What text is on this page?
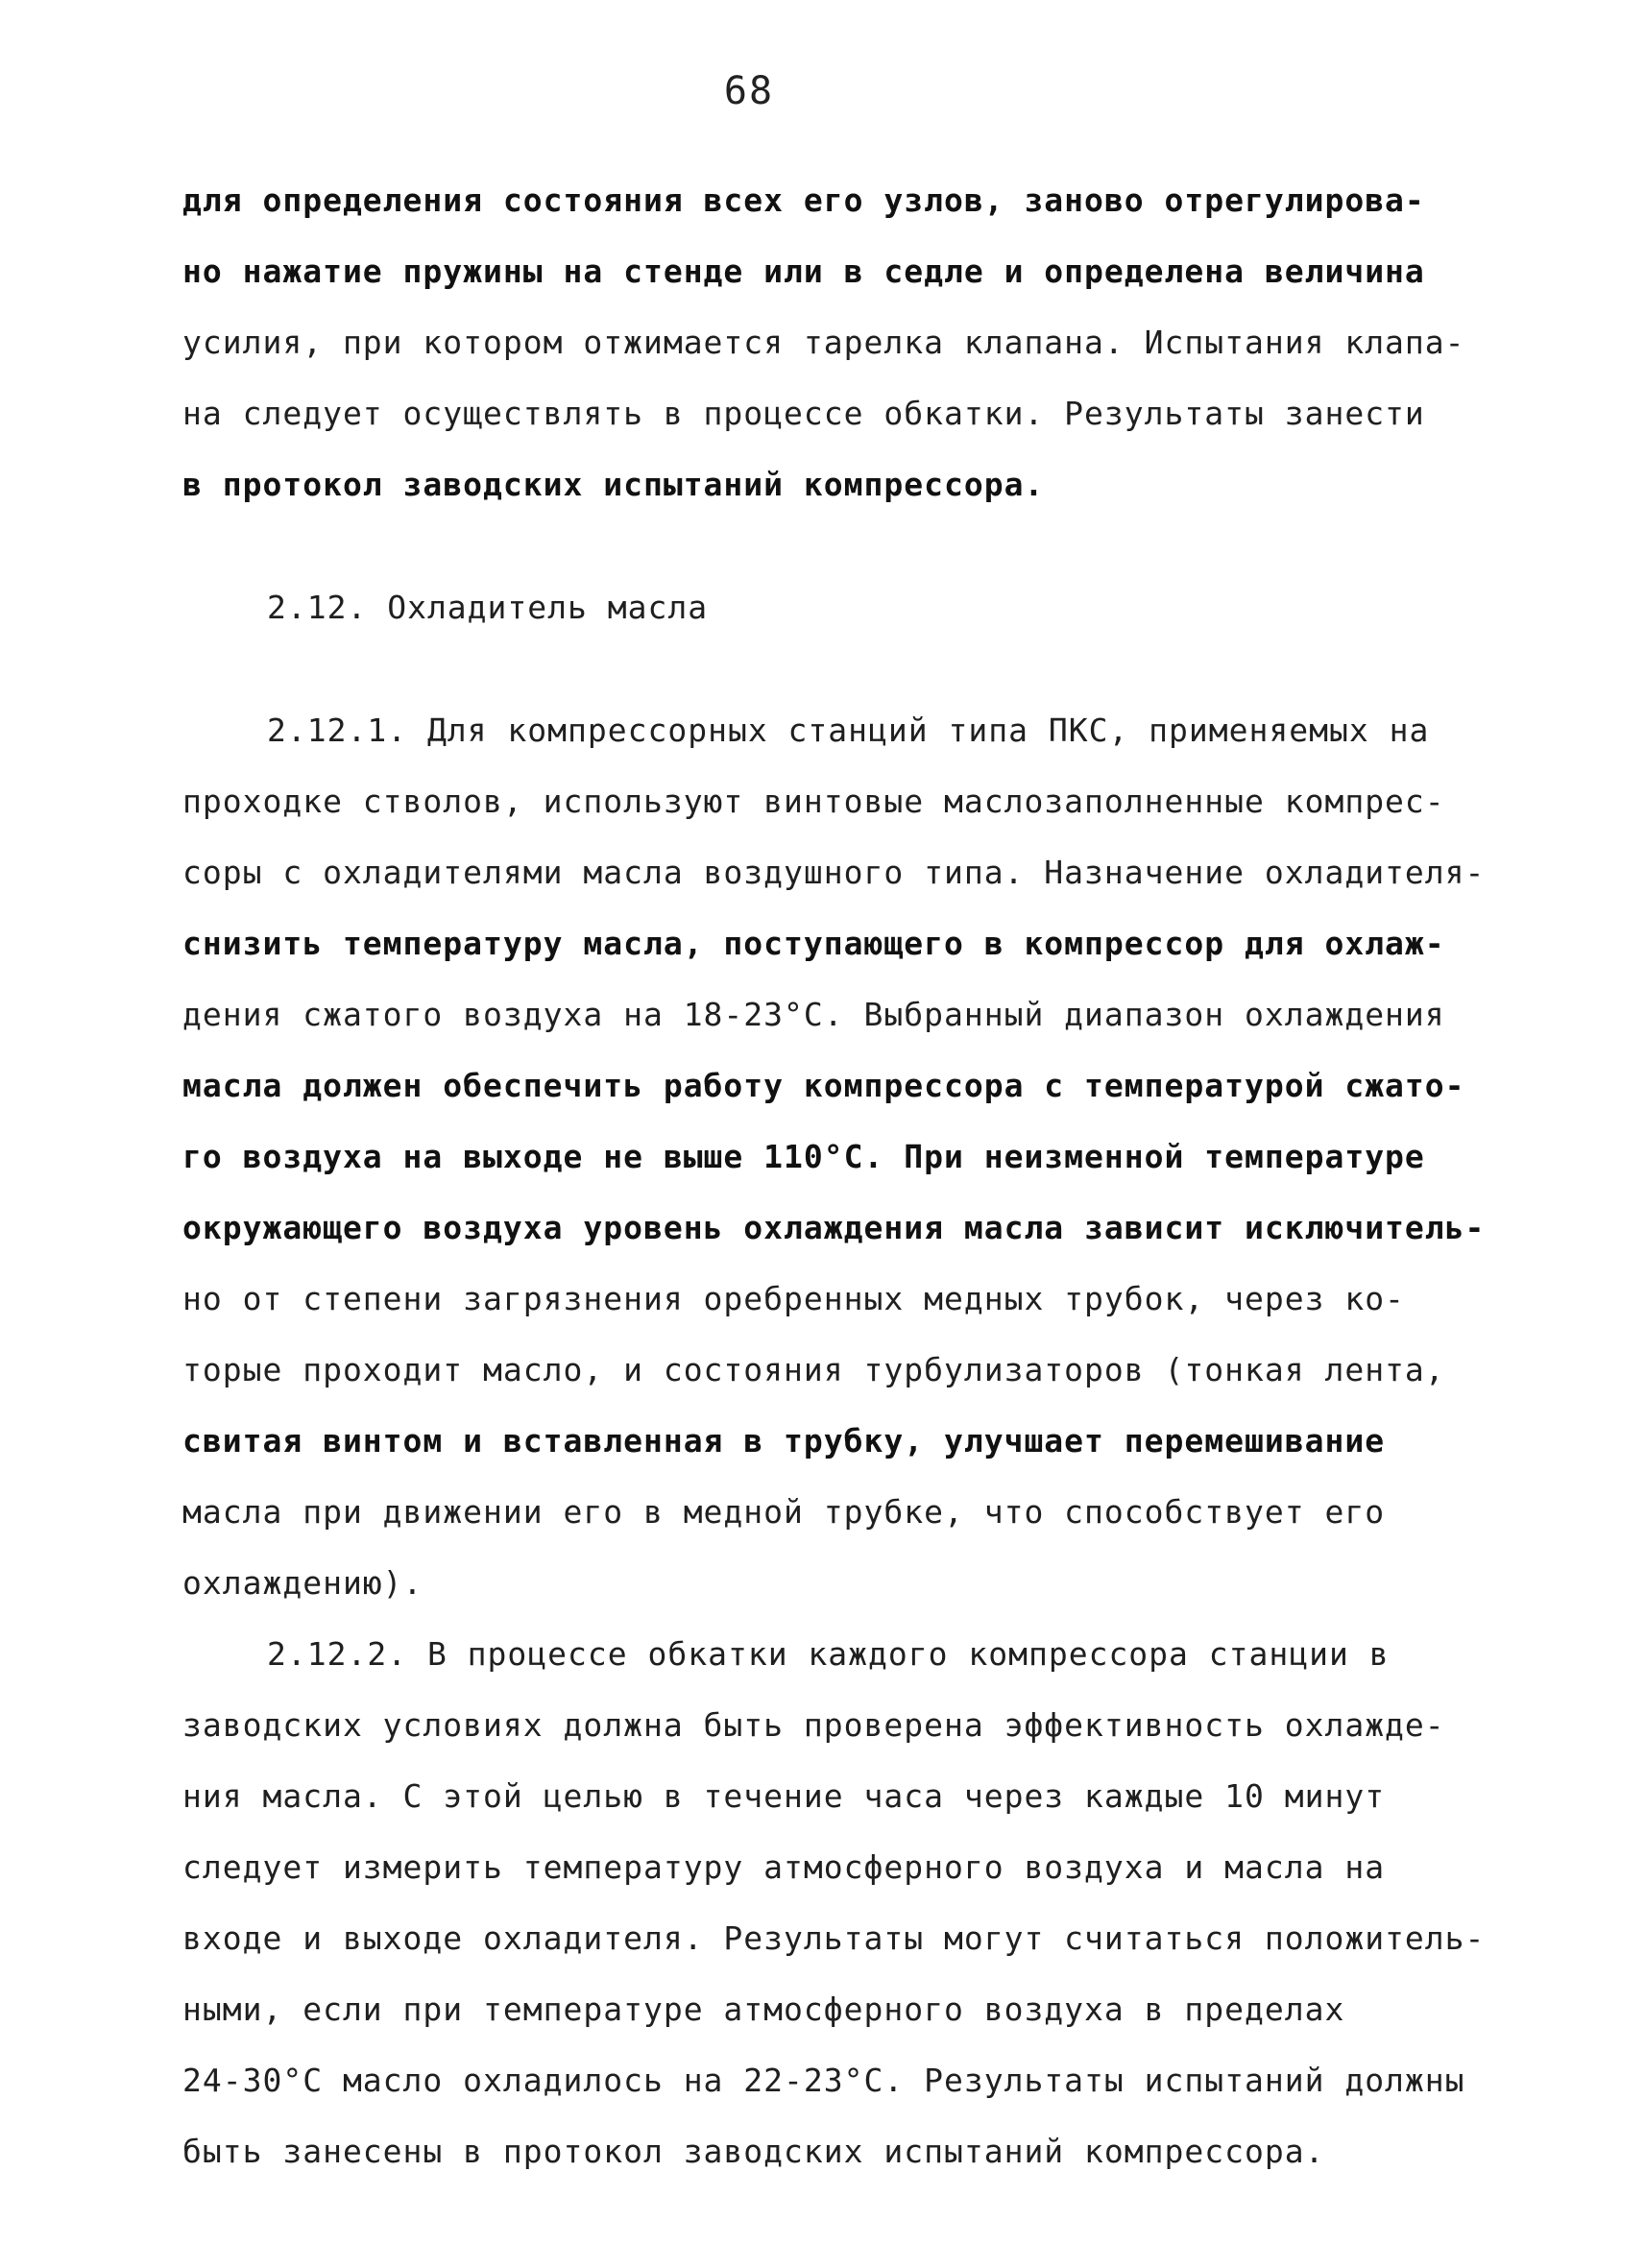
68
для определения состояния всех его узлов, заново отрегулирова-
но нажатие пружины на стенде или в седле и определена величина
усилия, при котором отжимается тарелка клапана. Испытания клапа-
на следует осуществлять в процессе обкатки. Результаты занести
в протокол заводских испытаний компрессора.
2.12. Охладитель масла
2.12.1. Для компрессорных станций типа ПКС, применяемых на
проходке стволов, используют винтовые маслозаполненные компрес-
соры с охладителями масла воздушного типа. Назначение охладителя-
снизить температуру масла, поступающего в компрессор для охлаж-
дения сжатого воздуха на 18-23°С. Выбранный диапазон охлаждения
масла должен обеспечить работу компрессора с температурой сжато-
го воздуха на выходе не выше 110°С. При неизменной температуре
окружающего воздуха уровень охлаждения масла зависит исключитель-
но от степени загрязнения оребренных медных трубок, через ко-
торые проходит масло, и состояния турбулизаторов (тонкая лента,
свитая винтом и вставленная в трубку, улучшает перемешивание
масла при движении его в медной трубке, что способствует его
охлаждению).
2.12.2. В процессе обкатки каждого компрессора станции в
заводских условиях должна быть проверена эффективность охлажде-
ния масла. С этой целью в течение часа через каждые 10 минут
следует измерить температуру атмосферного воздуха и масла на
входе и выходе охладителя. Результаты могут считаться положитель-
ными, если при температуре атмосферного воздуха в пределах
24-30°С масло охладилось на 22-23°С. Результаты испытаний должны
быть занесены в протокол заводских испытаний компрессора.
